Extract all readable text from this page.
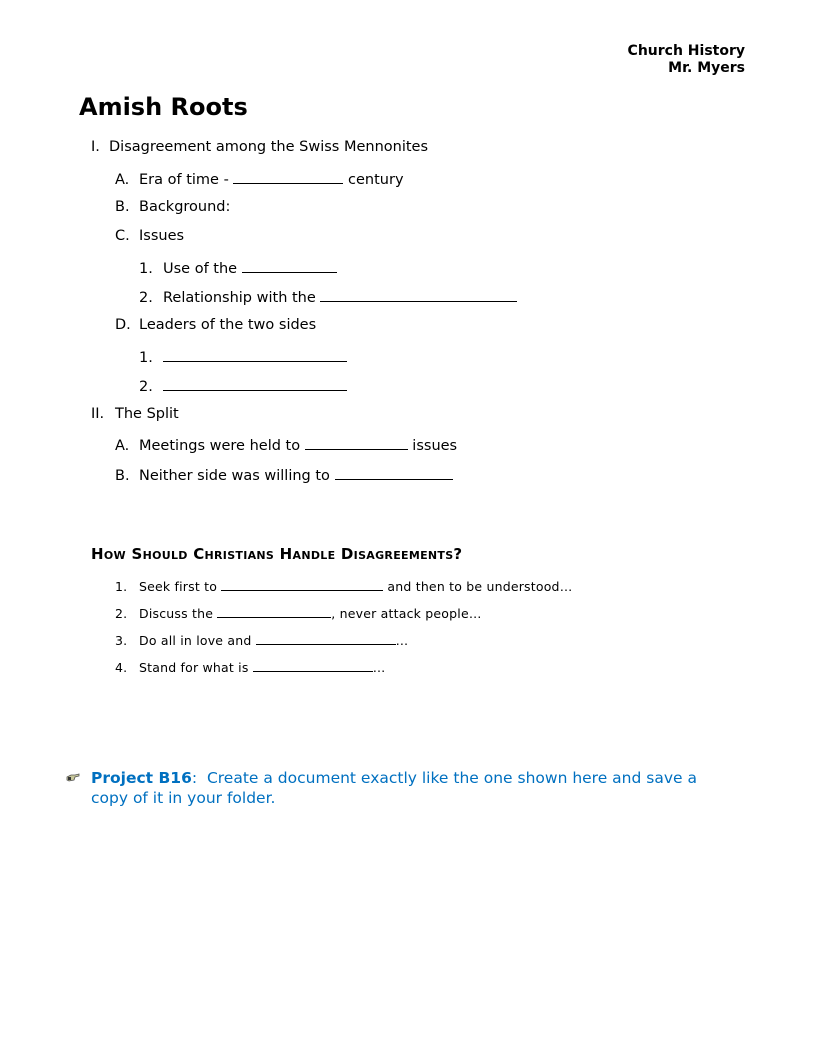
Church History
Mr. Myers
Amish Roots
I. Disagreement among the Swiss Mennonites
A. Era of time -	century
B. Background:
C. Issues
1. Use of the
2. Relationship with the
D. Leaders of the two sides
1.
2.
II. The Split
A. Meetings were held to	issues
B. Neither side was willing to
How Should Christians Handle Disagreements?
1. Seek first to	and then to be understood…
2. Discuss the	, never attack people…
3. Do all in love and	…
4. Stand for what is	…
Project B16:  Create a document exactly like the one shown here and save a copy of it in your folder.
